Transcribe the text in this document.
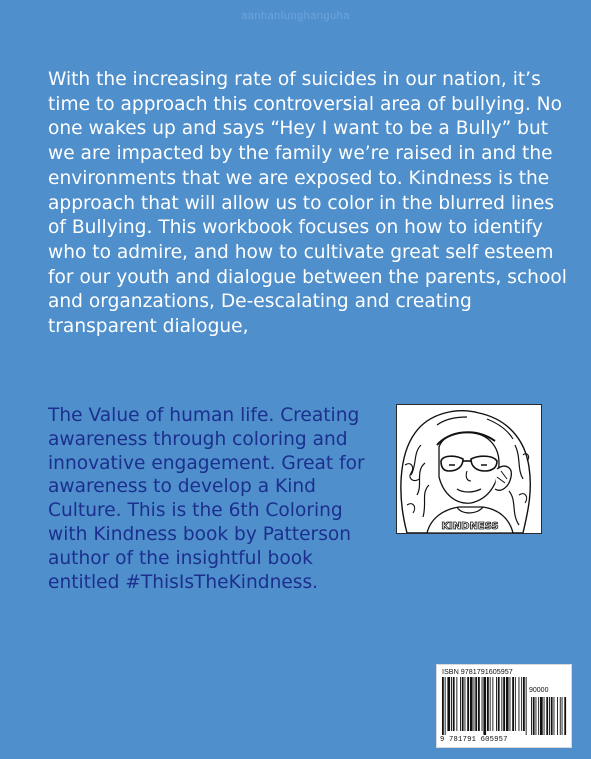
aanhanlunghanguha

With the increasing rate of suicides in our nation, it’s time to approach this controversial area of bullying. No one wakes up and says “Hey I want to be a Bully” but we are impacted by the family we’re raised in and the environments that we are exposed to. Kindness is the approach that will allow us to color in the blurred lines of Bullying. This workbook focuses on how to identify who to admire, and how to cultivate great self esteem for our youth and dialogue between the parents, school and organzations, De-escalating and creating transparent dialogue,

The Value of human life. Creating awareness through coloring and innovative engagement. Great for awareness to develop a Kind Culture. This is the 6th Coloring with Kindness book by Patterson author of the insightful book entitled #ThisIsTheKindness.

KINDNESS
ISBN 9781791605957
90000
9 781791 605957
